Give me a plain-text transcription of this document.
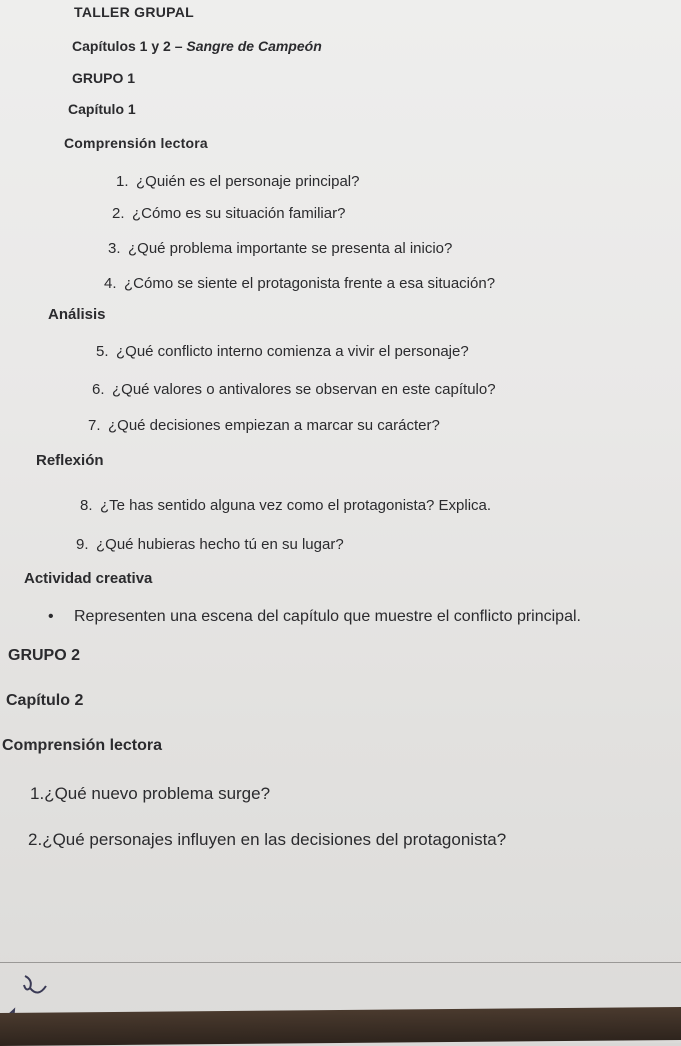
TALLER GRUPAL

Capítulos 1 y 2 – Sangre de Campeón

GRUPO 1

Capítulo 1

Comprensión lectora

1. ¿Quién es el personaje principal?

2. ¿Cómo es su situación familiar?

3. ¿Qué problema importante se presenta al inicio?

4. ¿Cómo se siente el protagonista frente a esa situación?

Análisis

5. ¿Qué conflicto interno comienza a vivir el personaje?

6. ¿Qué valores o antivalores se observan en este capítulo?

7. ¿Qué decisiones empiezan a marcar su carácter?

Reflexión

8. ¿Te has sentido alguna vez como el protagonista? Explica.

9. ¿Qué hubieras hecho tú en su lugar?

Actividad creativa

• Representen una escena del capítulo que muestre el conflicto principal.

GRUPO 2

Capítulo 2

Comprensión lectora

1.¿Qué nuevo problema surge?

2.¿Qué personajes influyen en las decisiones del protagonista?
